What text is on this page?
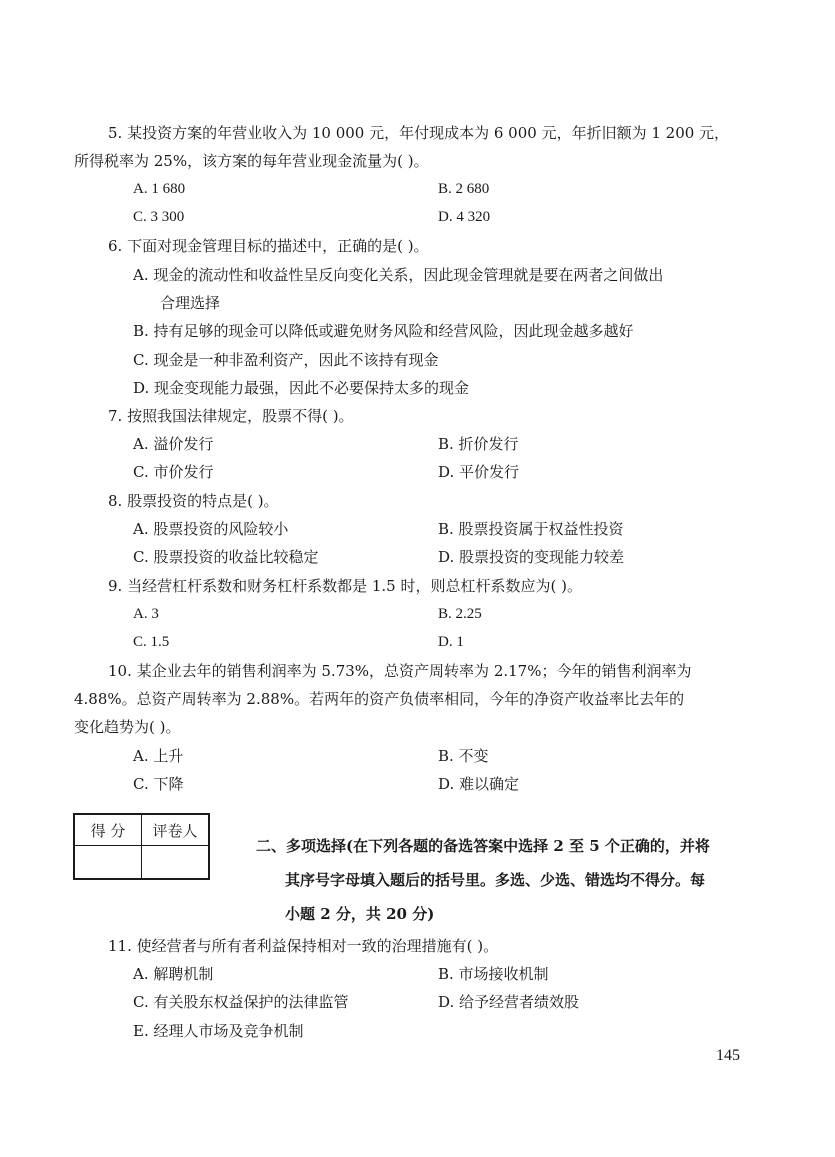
5. 某投资方案的年营业收入为 10 000 元，年付现成本为 6 000 元，年折旧额为 1 200 元，
所得税率为 25%，该方案的每年营业现金流量为( )。
A. 1 680	B. 2 680
C. 3 300	D. 4 320
6. 下面对现金管理目标的描述中，正确的是( )。
A. 现金的流动性和收益性呈反向变化关系，因此现金管理就是要在两者之间做出
合理选择
B. 持有足够的现金可以降低或避免财务风险和经营风险，因此现金越多越好
C. 现金是一种非盈利资产，因此不该持有现金
D. 现金变现能力最强，因此不必要保持太多的现金
7. 按照我国法律规定，股票不得( )。
A. 溢价发行	B. 折价发行
C. 市价发行	D. 平价发行
8. 股票投资的特点是( )。
A. 股票投资的风险较小	B. 股票投资属于权益性投资
C. 股票投资的收益比较稳定	D. 股票投资的变现能力较差
9. 当经营杠杆系数和财务杠杆系数都是 1.5 时，则总杠杆系数应为( )。
A. 3	B. 2.25
C. 1.5	D. 1
10. 某企业去年的销售利润率为 5.73%，总资产周转率为 2.17%；今年的销售利润率为
4.88%。总资产周转率为 2.88%。若两年的资产负债率相同，今年的净资产收益率比去年的
变化趋势为( )。
A. 上升	B. 不变
C. 下降	D. 难以确定
得 分	评卷人

二、多项选择(在下列各题的备选答案中选择 2 至 5 个正确的，并将
其序号字母填入题后的括号里。多选、少选、错选均不得分。每
小题 2 分，共 20 分)
11. 使经营者与所有者利益保持相对一致的治理措施有( )。
A. 解聘机制	B. 市场接收机制
C. 有关股东权益保护的法律监管	D. 给予经营者绩效股
E. 经理人市场及竞争机制
145
